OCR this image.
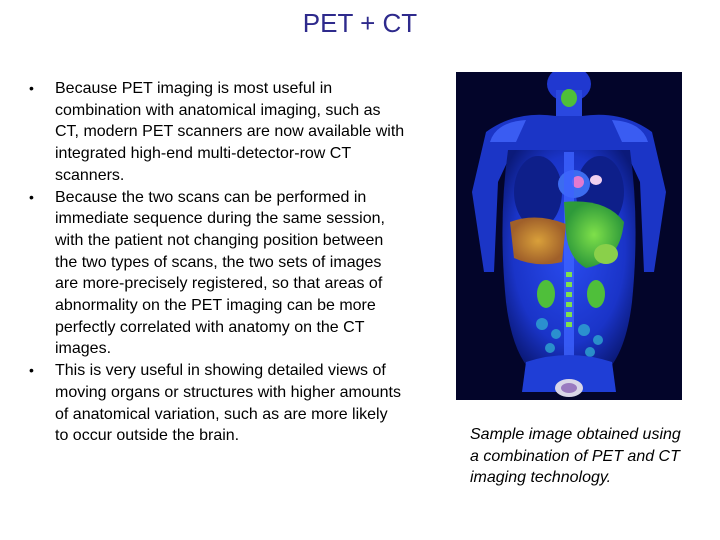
PET + CT
• Because PET imaging is most useful in combination with anatomical imaging, such as CT, modern PET scanners are now available with integrated high-end multi-detector-row CT scanners.
• Because the two scans can be performed in immediate sequence during the same session, with the patient not changing position between the two types of scans, the two sets of images are more-precisely registered, so that areas of abnormality on the PET imaging can be more perfectly correlated with anatomy on the CT images.
• This is very useful in showing detailed views of moving organs or structures with higher amounts of anatomical variation, such as are more likely to occur outside the brain.	Sample image obtained using a combination of PET and CT imaging technology.
